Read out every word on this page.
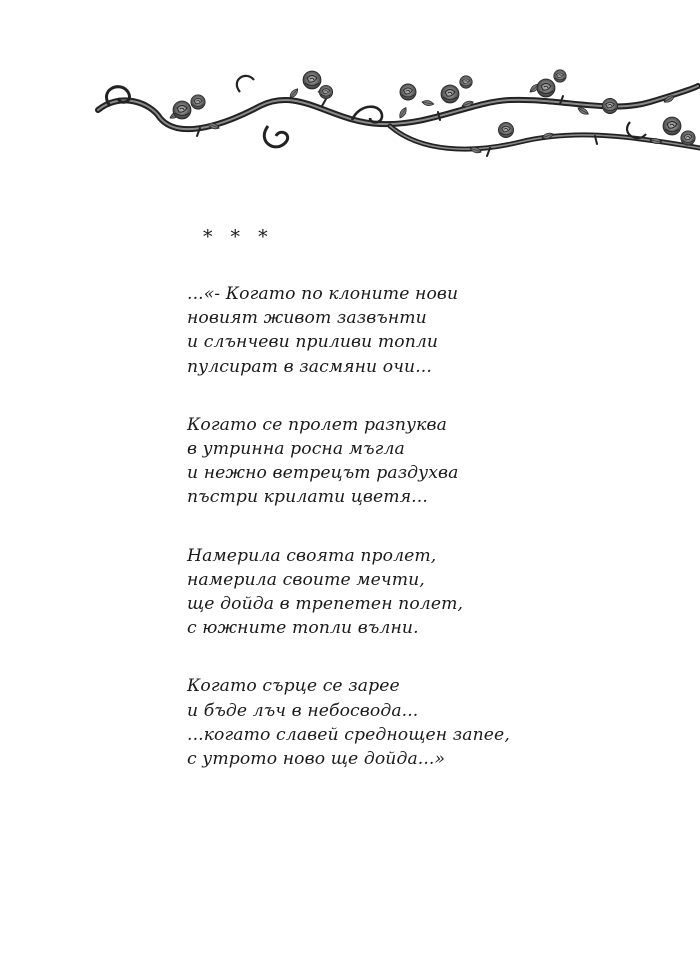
* * *

...«- Когато по клоните нови
новият живот зазвънти
и слънчеви приливи топли
пулсират в засмяни очи...
Когато се пролет разпуква
в утринна росна мъгла
и нежно ветрецът раздухва
пъстри крилати цветя...
Намерила своята пролет,
намерила своите мечти,
ще дойда в трепетен полет,
с южните топли вълни.
Когато сърце се зарее
и бъде лъч в небосвода...
...когато славей среднощен запее,
с утрото ново ще дойда...»
